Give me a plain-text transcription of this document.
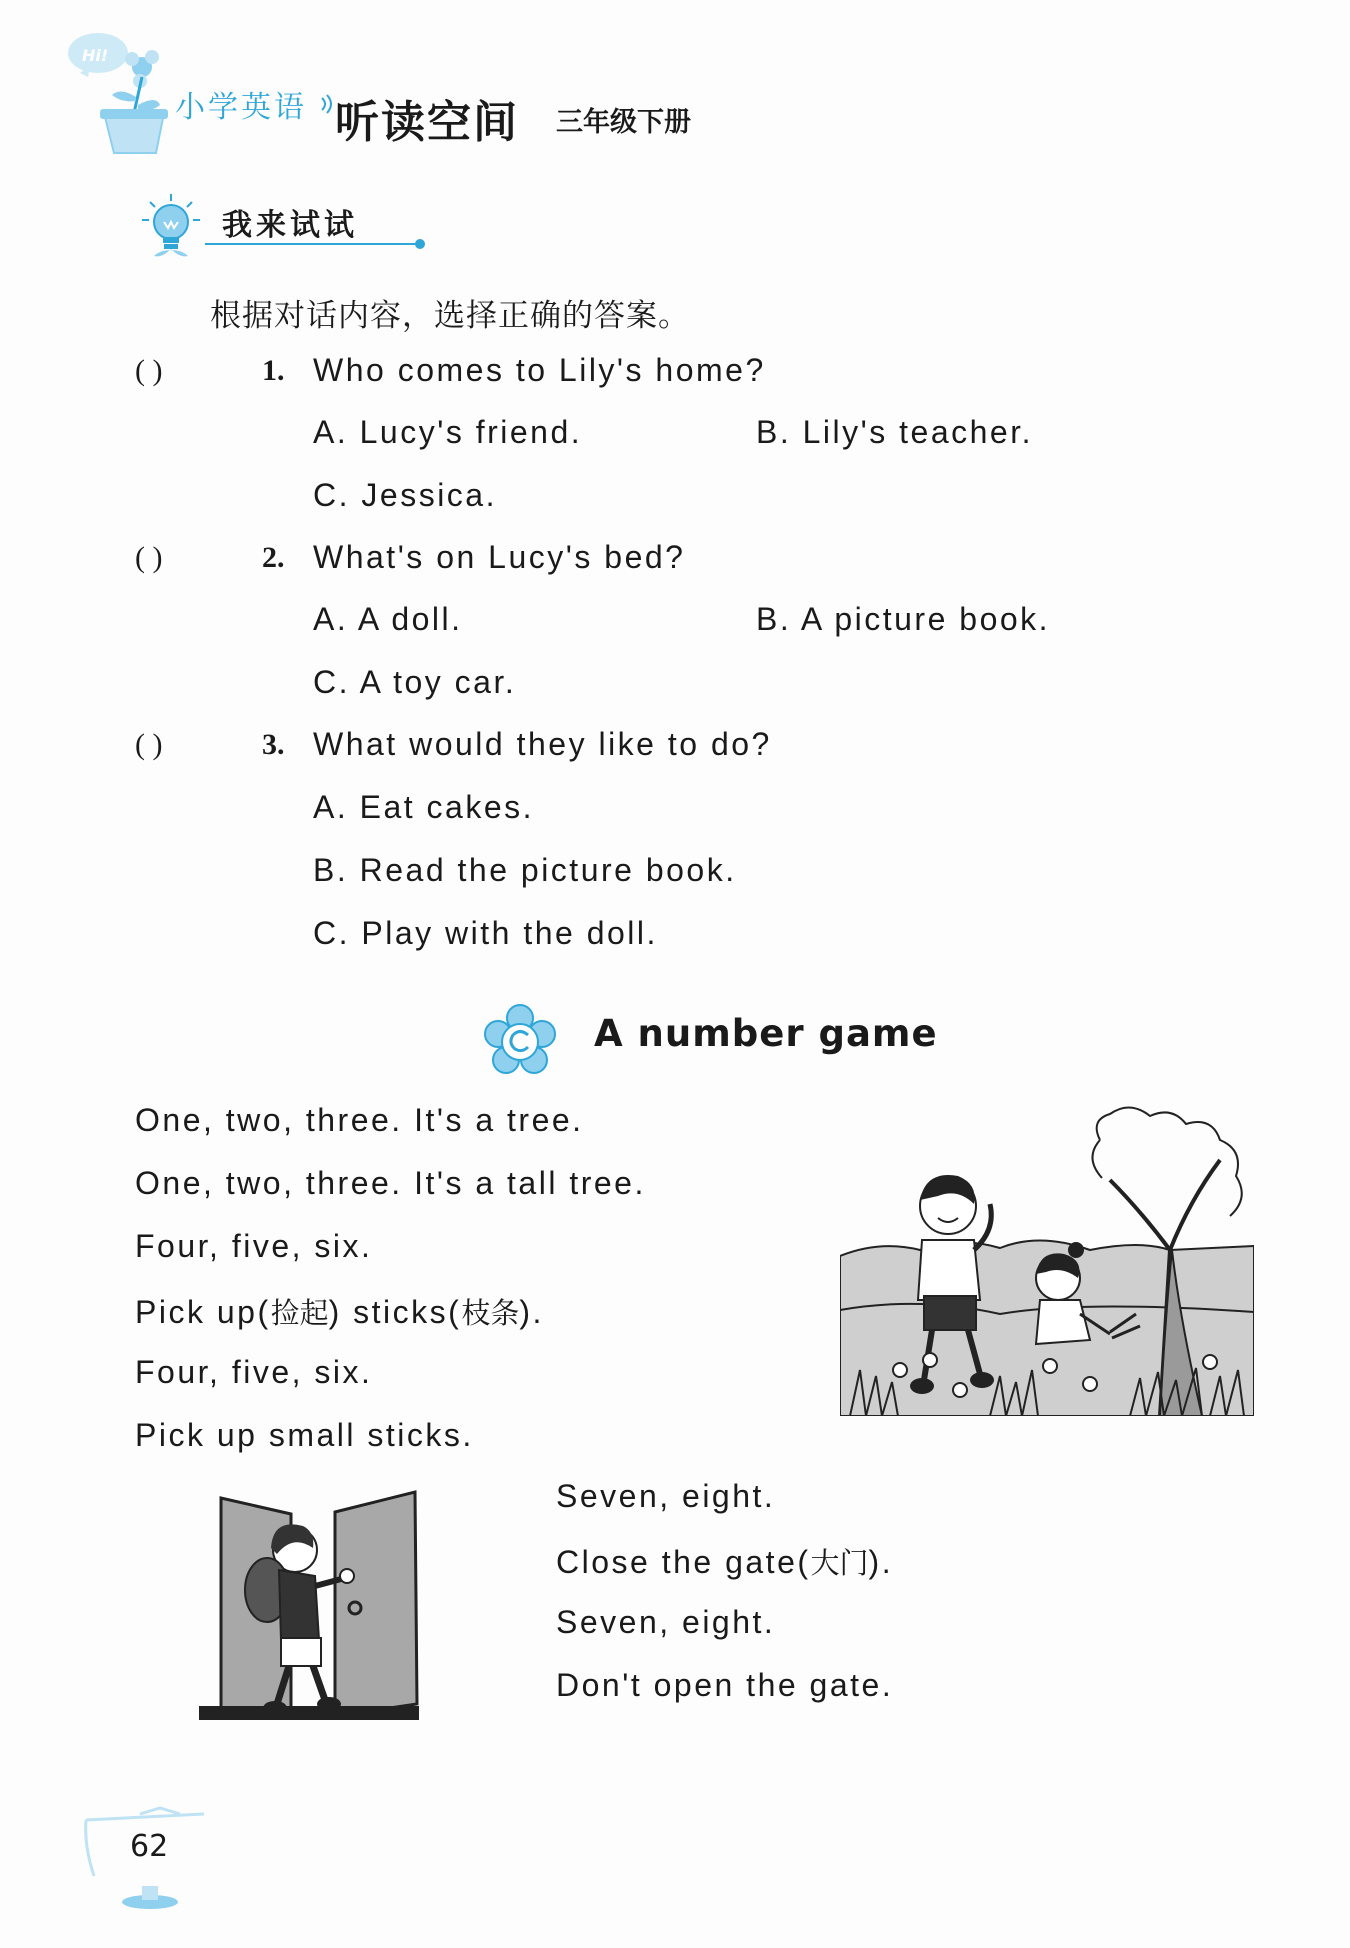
Hi!
小学英语 听读空间 三年级下册
我来试试
根据对话内容，选择正确的答案。
( )	1. Who comes to Lily's home?
A. Lucy's friend.	B. Lily's teacher.
C. Jessica.
( )	2. What's on Lucy's bed?
A. A doll.	B. A picture book.
C. A toy car.
( )	3. What would they like to do?
A. Eat cakes.
B. Read the picture book.
C. Play with the doll.
A number game
One, two, three. It's a tree.
One, two, three. It's a tall tree.
Four, five, six.
Pick up(捡起) sticks(枝条).
Four, five, six.
Pick up small sticks.
Seven, eight.
Close the gate(大门).
Seven, eight.
Don't open the gate.
62
